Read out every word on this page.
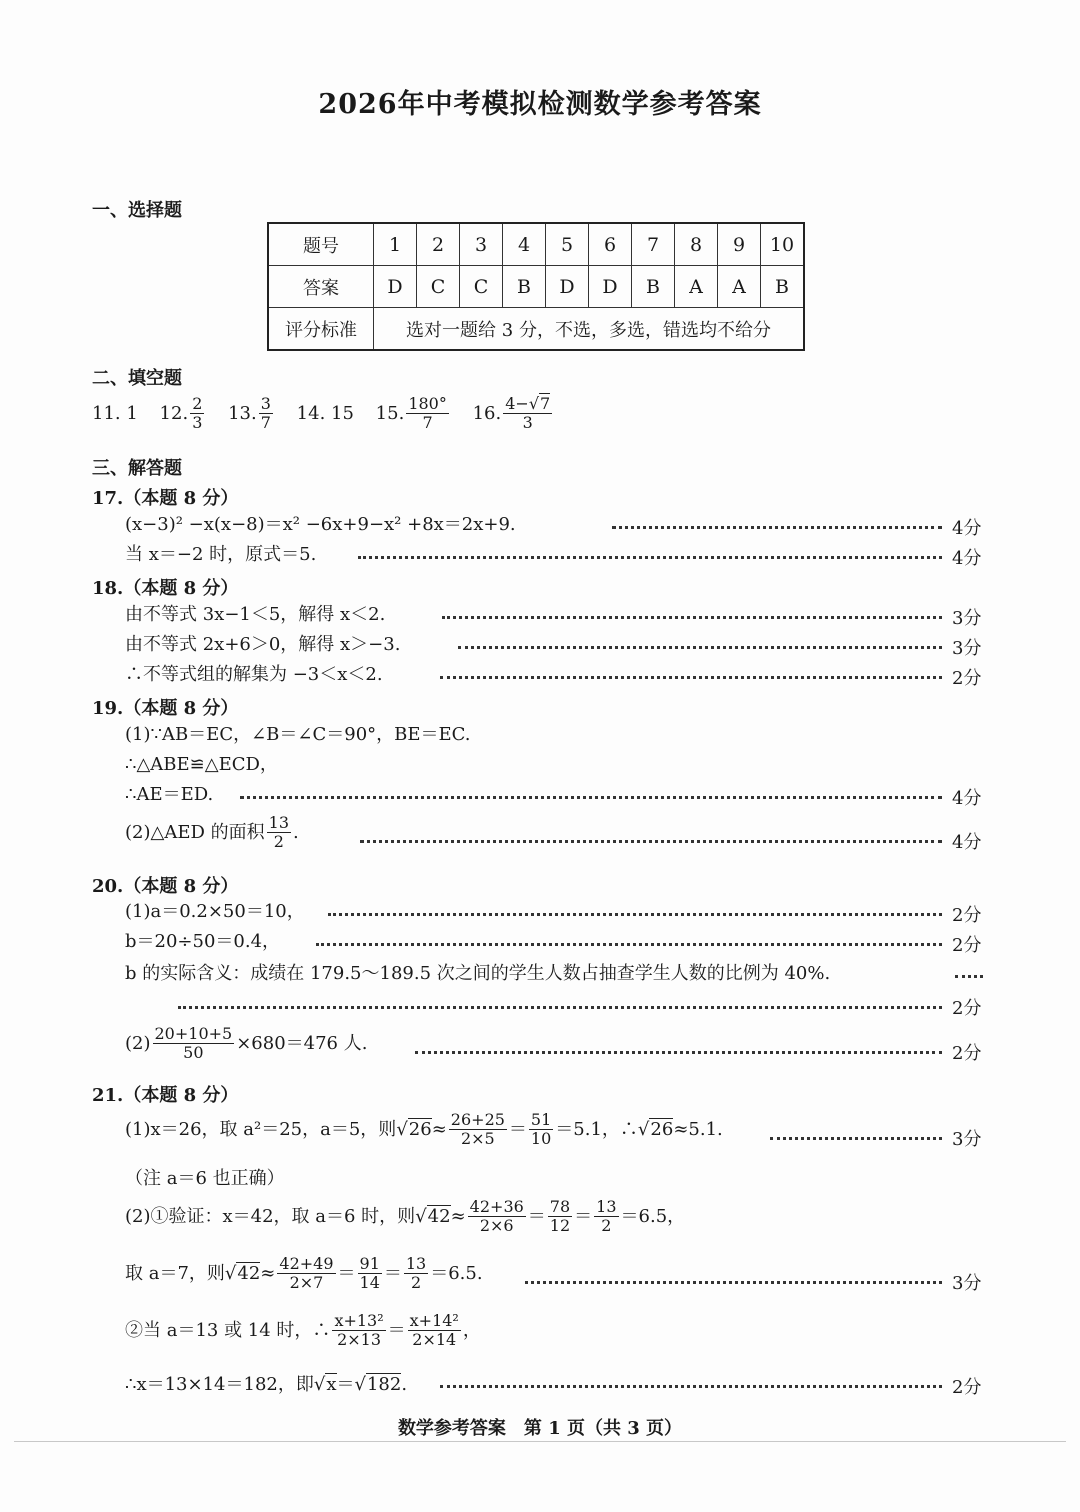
2026年中考模拟检测数学参考答案
一、选择题
题号	1	2	3	4	5	6	7	8	9	10
答案	D	C	C	B	D	D	B	A	A	B
评分标准	选对一题给 3 分，不选，多选，错选均不给分									
二、填空题
11. 1 12. $\frac{2}{3} 13$. $\frac{3}{7} 14$. 15 15. $\frac{180^\circ}{7} 16$. $\frac{4-√7}{3}$
三、解答题
17.（本题 8 分）
(x−3)² −x(x−8)＝x² −6x+9−x² +8x＝2x+9.	4分
当 x＝−2 时，原式＝5.	4分
18.（本题 8 分）
由不等式 3x−1＜5，解得 x＜2.	3分
由不等式 2x+6＞0，解得 x＞−3.	3分
∴不等式组的解集为 −3＜x＜2.	2分
19.（本题 8 分）
(1)∵AB＝EC，∠B＝∠C＝90°，BE＝EC.
∴△ABE≌△ECD，
∴AE＝ED.	4分
(2)△AED 的面积 $\frac{13}{2}$ .	4分
20.（本题 8 分）
(1)a＝0.2×50＝10，	2分
b＝20÷50＝0.4，	2分
b 的实际含义：成绩在 179.5～189.5 次之间的学生人数占抽查学生人数的比例为 40%.
2分
$(2) \frac{20+10+5}{50} \times 680=476$ 人.	2分
21.（本题 8 分）
(1)x＝26，取 a²＝25，a＝5，则 √ $26 \approx \frac{26+25}{2\times 5} = \frac{51}{10} =5.1$，∴ √ 26 ≈5.1.	3分
（注 a＝6 也正确）
(2)①验证：x＝42，取 a＝6 时，则 √ $42 \approx \frac{42+36}{2\times 6} = \frac{78}{12} = \frac{13}{2} =6.5$，
取 a＝7，则 √ $42 \approx \frac{42+49}{2\times 7} = \frac{91}{14} = \frac{13}{2} =6.5$.	3分
②当 a＝13 或 14 时，∴ $\frac{\text{x+13²}}{2\times 13} = \frac{\text{x+14²}}{2\times 14}$ ，
∴x＝13×14＝182，即 √ x ＝ √ 182 .	2分
数学参考答案　第 1 页（共 3 页）
